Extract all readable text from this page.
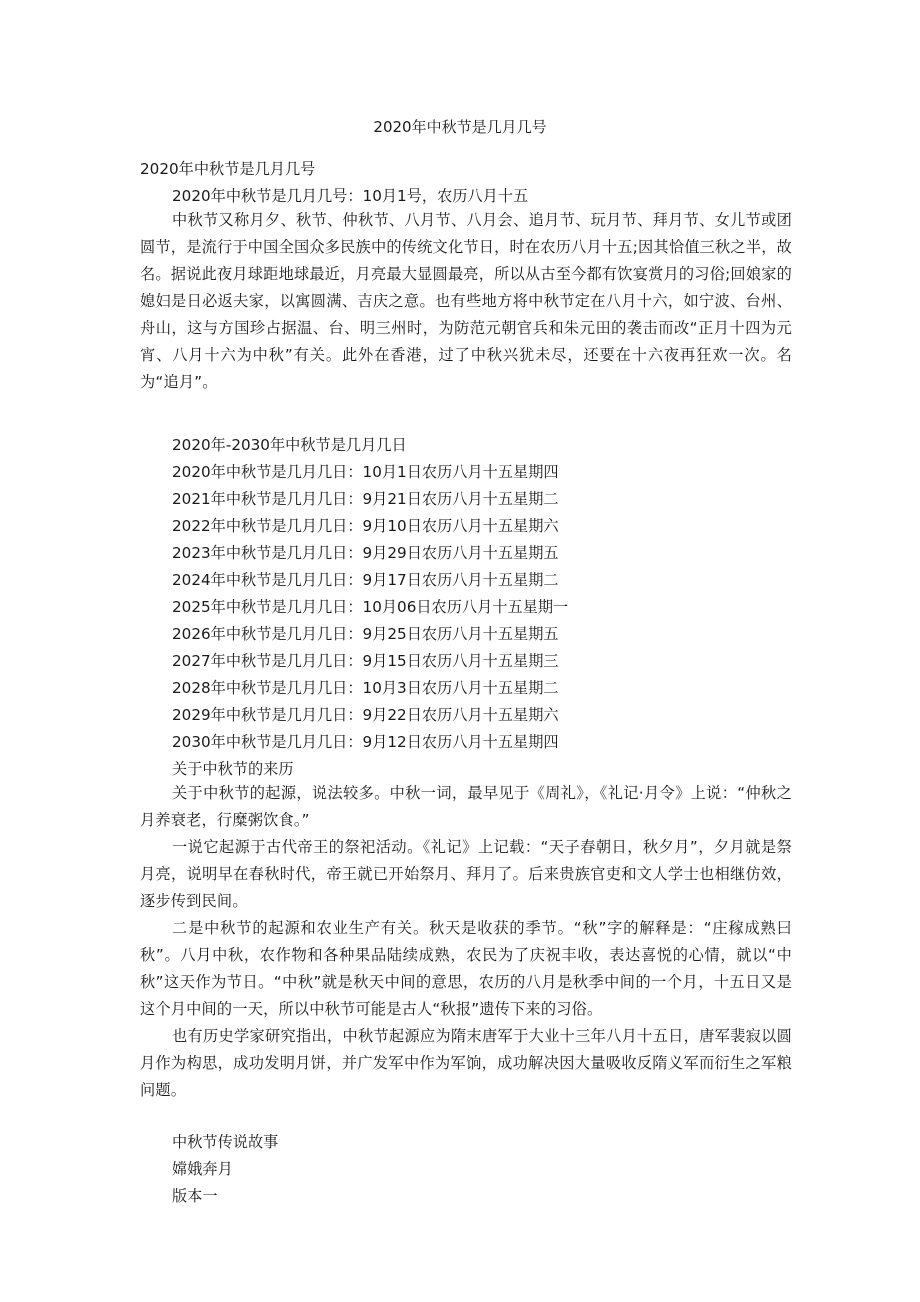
2020年中秋节是几月几号
2020年中秋节是几月几号
2020年中秋节是几月几号：10月1号，农历八月十五
中秋节又称月夕、秋节、仲秋节、八月节、八月会、追月节、玩月节、拜月节、女儿节或团圆节，是流行于中国全国众多民族中的传统文化节日，时在农历八月十五;因其恰值三秋之半，故名。据说此夜月球距地球最近，月亮最大显圆最亮，所以从古至今都有饮宴赏月的习俗;回娘家的媳妇是日必返夫家，以寓圆满、吉庆之意。也有些地方将中秋节定在八月十六，如宁波、台州、舟山，这与方国珍占据温、台、明三州时，为防范元朝官兵和朱元田的袭击而改“正月十四为元宵、八月十六为中秋”有关。此外在香港，过了中秋兴犹未尽，还要在十六夜再狂欢一次。名为“追月”。
2020年-2030年中秋节是几月几日
2020年中秋节是几月几日：10月1日农历八月十五星期四
2021年中秋节是几月几日：9月21日农历八月十五星期二
2022年中秋节是几月几日：9月10日农历八月十五星期六
2023年中秋节是几月几日：9月29日农历八月十五星期五
2024年中秋节是几月几日：9月17日农历八月十五星期二
2025年中秋节是几月几日：10月06日农历八月十五星期一
2026年中秋节是几月几日：9月25日农历八月十五星期五
2027年中秋节是几月几日：9月15日农历八月十五星期三
2028年中秋节是几月几日：10月3日农历八月十五星期二
2029年中秋节是几月几日：9月22日农历八月十五星期六
2030年中秋节是几月几日：9月12日农历八月十五星期四
关于中秋节的来历
关于中秋节的起源，说法较多。中秋一词，最早见于《周礼》，《礼记·月令》上说：“仲秋之月养衰老，行糜粥饮食。”
一说它起源于古代帝王的祭祀活动。《礼记》上记载：“天子春朝日，秋夕月”，夕月就是祭月亮，说明早在春秋时代，帝王就已开始祭月、拜月了。后来贵族官吏和文人学士也相继仿效，逐步传到民间。
二是中秋节的起源和农业生产有关。秋天是收获的季节。“秋”字的解释是：“庄稼成熟曰秋”。八月中秋，农作物和各种果品陆续成熟，农民为了庆祝丰收，表达喜悦的心情，就以“中秋”这天作为节日。“中秋”就是秋天中间的意思，农历的八月是秋季中间的一个月，十五日又是这个月中间的一天，所以中秋节可能是古人“秋报”遗传下来的习俗。
也有历史学家研究指出，中秋节起源应为隋末唐军于大业十三年八月十五日，唐军裴寂以圆月作为构思，成功发明月饼，并广发军中作为军饷，成功解决因大量吸收反隋义军而衍生之军粮问题。
中秋节传说故事
嫦娥奔月
版本一
